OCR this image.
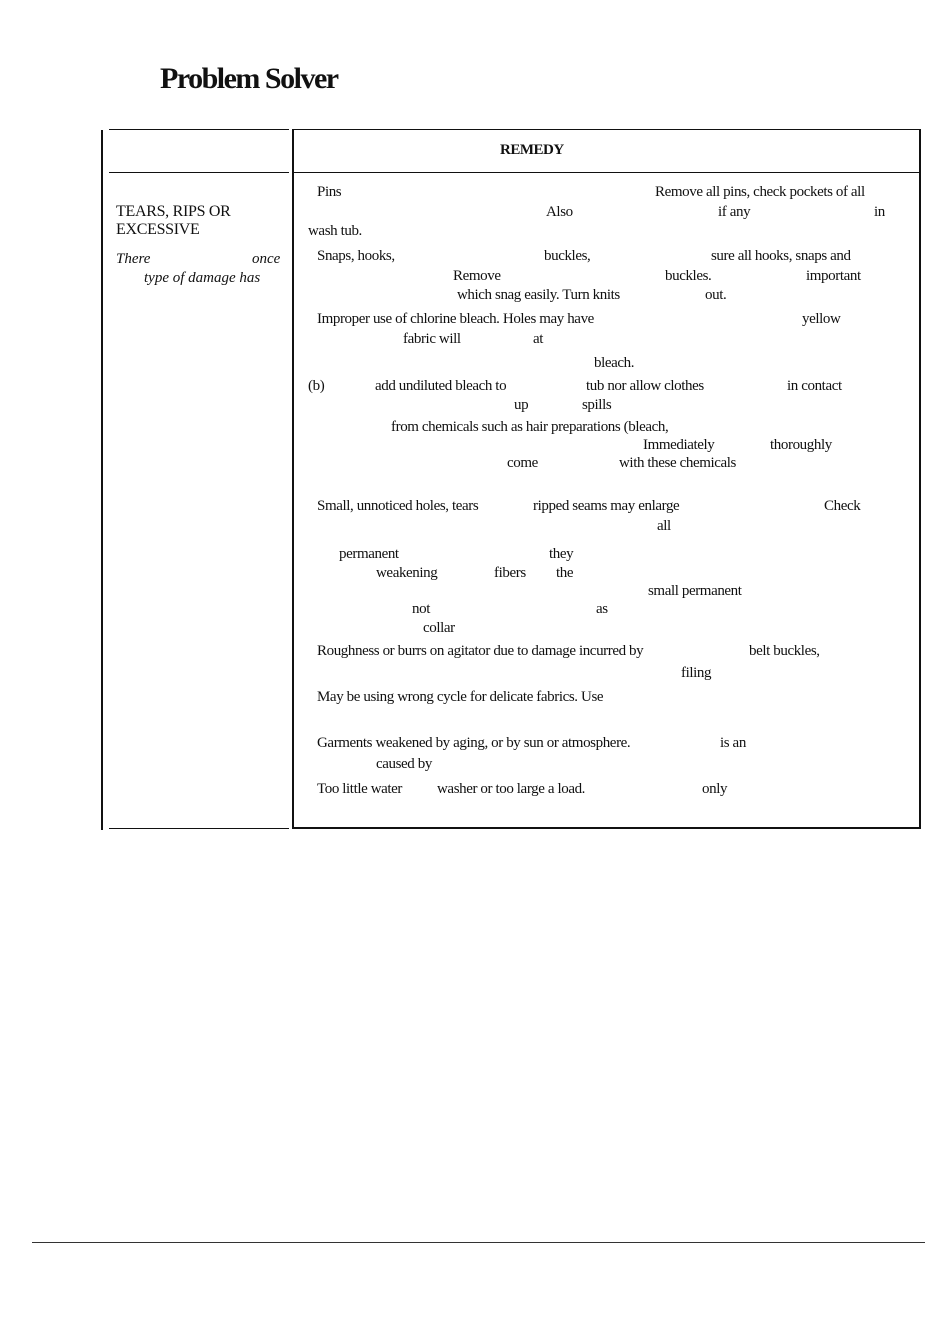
Problem Solver
REMEDY
TEARS, RIPS OR
EXCESSIVE
There	once
type of damage has
Pins	Remove all pins, check pockets of all
Also	if any	in
wash tub.
Snaps, hooks,	buckles,	sure all hooks, snaps and
Remove	buckles.	important
which snag easily. Turn knits	out.
Improper use of chlorine bleach. Holes may have	yellow
fabric will	at
bleach.
(b)	add undiluted bleach to	tub nor allow clothes	in contact
up	spills
from chemicals such as hair preparations (bleach,
Immediately	thoroughly
come	with these chemicals
Small, unnoticed holes, tears	ripped seams may enlarge	Check
all
permanent	they
weakening	fibers the
small permanent
not	as
collar
Roughness or burrs on agitator due to damage incurred by	belt buckles,
filing
May be using wrong cycle for delicate fabrics. Use
Garments weakened by aging, or by sun or atmosphere.	is an
caused by
Too little water washer or too large a load.	only
